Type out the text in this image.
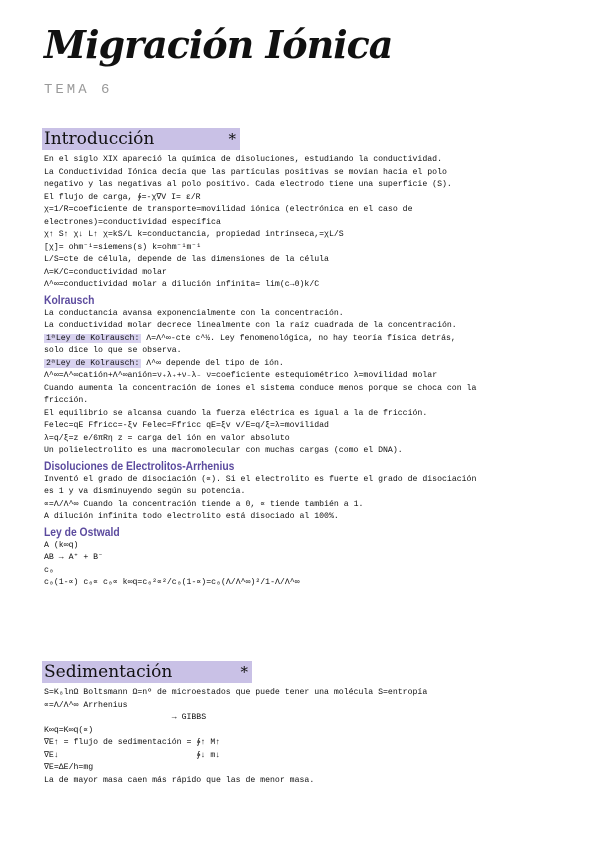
Migración Iónica
TEMA 6
Introducción	*
En el siglo XIX apareció la química de disoluciones, estudiando la conductividad.
La Conductividad Iónica decía que las partículas positivas se movían hacia el polo
negativo y las negativas al polo positivo. Cada electrodo tiene una superficie (S).
El flujo de carga, ∳=-χ∇V I= ε/R
χ=1/R=coeficiente de transporte=movilidad iónica (electrónica en el caso de
electrones)=conductividad específica
χ↑ S↑ χ↓ L↑ χ=kS/L k=conductancia, propiedad intrínseca,=χL/S
[χ]= ohm⁻¹=siemens(s) k=ohm⁻¹m⁻¹
L/S=cte de célula, depende de las dimensiones de la célula
Λ=K/C=conductividad molar
Λ^∞=conductividad molar a dilución infinita= lim(c→0)k/C
Kolrausch
La conductancia avansa exponencialmente con la concentración.
La conductividad molar decrece linealmente con la raíz cuadrada de la concentración.
1ªLey de Kolrausch: Λ=Λ^∞-cte c^½. Ley fenomenológica, no hay teoría física detrás,
solo dice lo que se observa.
2ªLey de Kolrausch: Λ^∞ depende del tipo de ión.
Λ^∞=Λ^∞catión+Λ^∞anión=ν₊λ₊+ν₋λ₋ ν=coeficiente estequiométrico λ=movilidad molar
Cuando aumenta la concentración de iones el sistema conduce menos porque se choca con la
fricción.
El equilibrio se alcansa cuando la fuerza eléctrica es igual a la de fricción.
Felec=qE Ffricc=-ξv Felec=Ffricc qE=ξv v/E=q/ξ=λ=movilidad
λ=q/ξ=z e/6πRη z = carga del ión en valor absoluto
Un polielectrolito es una macromolecular con muchas cargas (como el DNA).
Disoluciones de Electrolitos-Arrhenius
Inventó el grado de disociación (∝). Si el electrolito es fuerte el grado de disociación
es 1 y va disminuyendo según su potencia.
∝=Λ/Λ^∞ Cuando la concentración tiende a 0, ∝ tiende también a 1.
A dilución infinita todo electrolito está disociado al 100%.
Ley de Ostwald
A (k∞q)
AB → A⁺ + B⁻
c₀
c₀(1-∝) c₀∝ c₀∝ k∞q=c₀²∝²/c₀(1-∝)=c₀(Λ/Λ^∞)²/1-Λ/Λ^∞
Sedimentación	*
S=K₈lnΩ Boltsmann Ω=nº de microestados que puede tener una molécula S=entropía
∝=Λ/Λ^∞ Arrhenius
→ GIBBS
K∞q=K∞q(∝)
∇E↑ = flujo de sedimentación = ∳↑ M↑
∇E↓                            ∳↓ m↓
∇E=ΔE/h=mg
La de mayor masa caen más rápido que las de menor masa.
